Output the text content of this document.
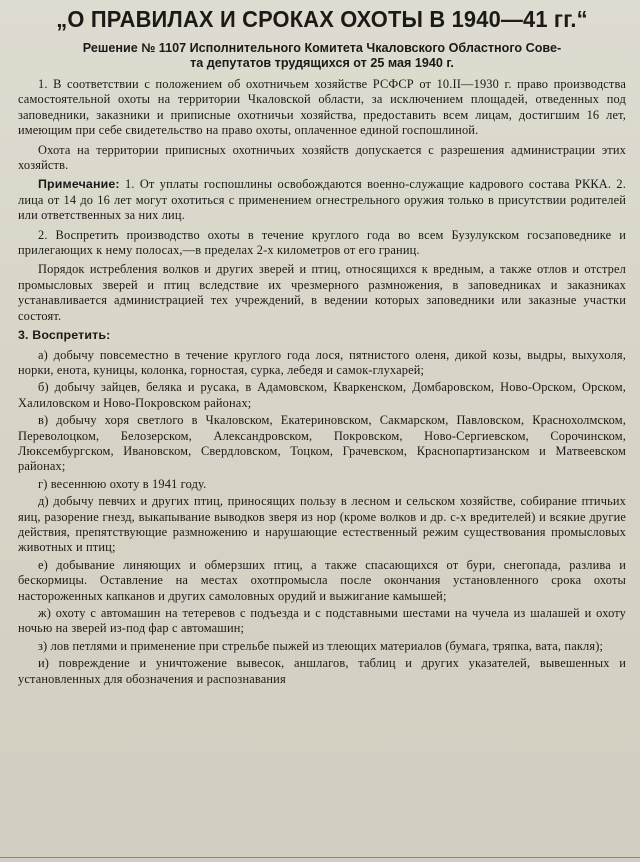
„О ПРАВИЛАХ И СРОКАХ ОХОТЫ В 1940—41 гг.“
Решение № 1107 Исполнительного Комитета Чкаловского Областного Сове-
та депутатов трудящихся от 25 мая 1940 г.

1. В соответствии с положением об охотничьем хозяйстве РСФСР от 10.II—1930 г. право производства самостоятельной охоты на территории Чкаловской области, за исключением площадей, отведенных под заповедники, заказники и приписные охотничьи хозяйства, предоставить всем лицам, достигшим 16 лет, имеющим при себе свидетельство на право охоты, оплаченное единой госпошлиной.

Охота на территории приписных охотничьих хозяйств допускается с разрешения администрации этих хозяйств.

Примечание: 1. От уплаты госпошлины освобождаются военно-служащие кадрового состава РККА. 2. лица от 14 до 16 лет могут охотиться с применением огнестрельного оружия только в присутствии родителей или ответственных за них лиц.

2. Воспретить производство охоты в течение круглого года во всем Бузулукском госзаповеднике и прилегающих к нему полосах,—в пределах 2-х километров от его границ.

Порядок истребления волков и других зверей и птиц, относящихся к вредным, а также отлов и отстрел промысловых зверей и птиц вследствие их чрезмерного размножения, в заповедниках и заказниках устанавливается администрацией тех учреждений, в ведении которых заповедники или заказные участки состоят.

3. Воспретить:

а) добычу повсеместно в течение круглого года лося, пятнистого оленя, дикой козы, выдры, выхухоля, норки, енота, куницы, колонка, горностая, сурка, лебедя и самок-глухарей;

б) добычу зайцев, беляка и русака, в Адамовском, Кваркенском, Домбаровском, Ново-Орском, Орском, Халиловском и Ново-Покровском районах;

в) добычу хоря светлого в Чкаловском, Екатериновском, Сакмарском, Павловском, Краснохолмском, Переволоцком, Белозерском, Александровском, Покровском, Ново-Сергиевском, Сорочинском, Люксембургском, Ивановском, Свердловском, Тоцком, Грачевском, Краснопартизанском и Матвеевском районах;

г) весеннюю охоту в 1941 году.

д) добычу певчих и других птиц, приносящих пользу в лесном и сельском хозяйстве, собирание птичьих яиц, разорение гнезд, выкапывание выводков зверя из нор (кроме волков и др. с-х вредителей) и всякие другие действия, препятствующие размножению и нарушающие естественный режим существования промысловых животных и птиц;

е) добывание линяющих и обмерзших птиц, а также спасающихся от бури, снегопада, разлива и бескормицы. Оставление на местах охотпромысла после окончания установленного срока охоты настороженных капканов и других самоловных орудий и выжигание камышей;

ж) охоту с автомашин на тетеревов с подъезда и с подставными шестами на чучела из шалашей и охоту ночью на зверей из-под фар с автомашин;

з) лов петлями и применение при стрельбе пыжей из тлеющих материалов (бумага, тряпка, вата, пакля);

и) повреждение и уничтожение вывесок, аншлагов, таблиц и других указателей, вывешенных и установленных для обозначения и распознавания
